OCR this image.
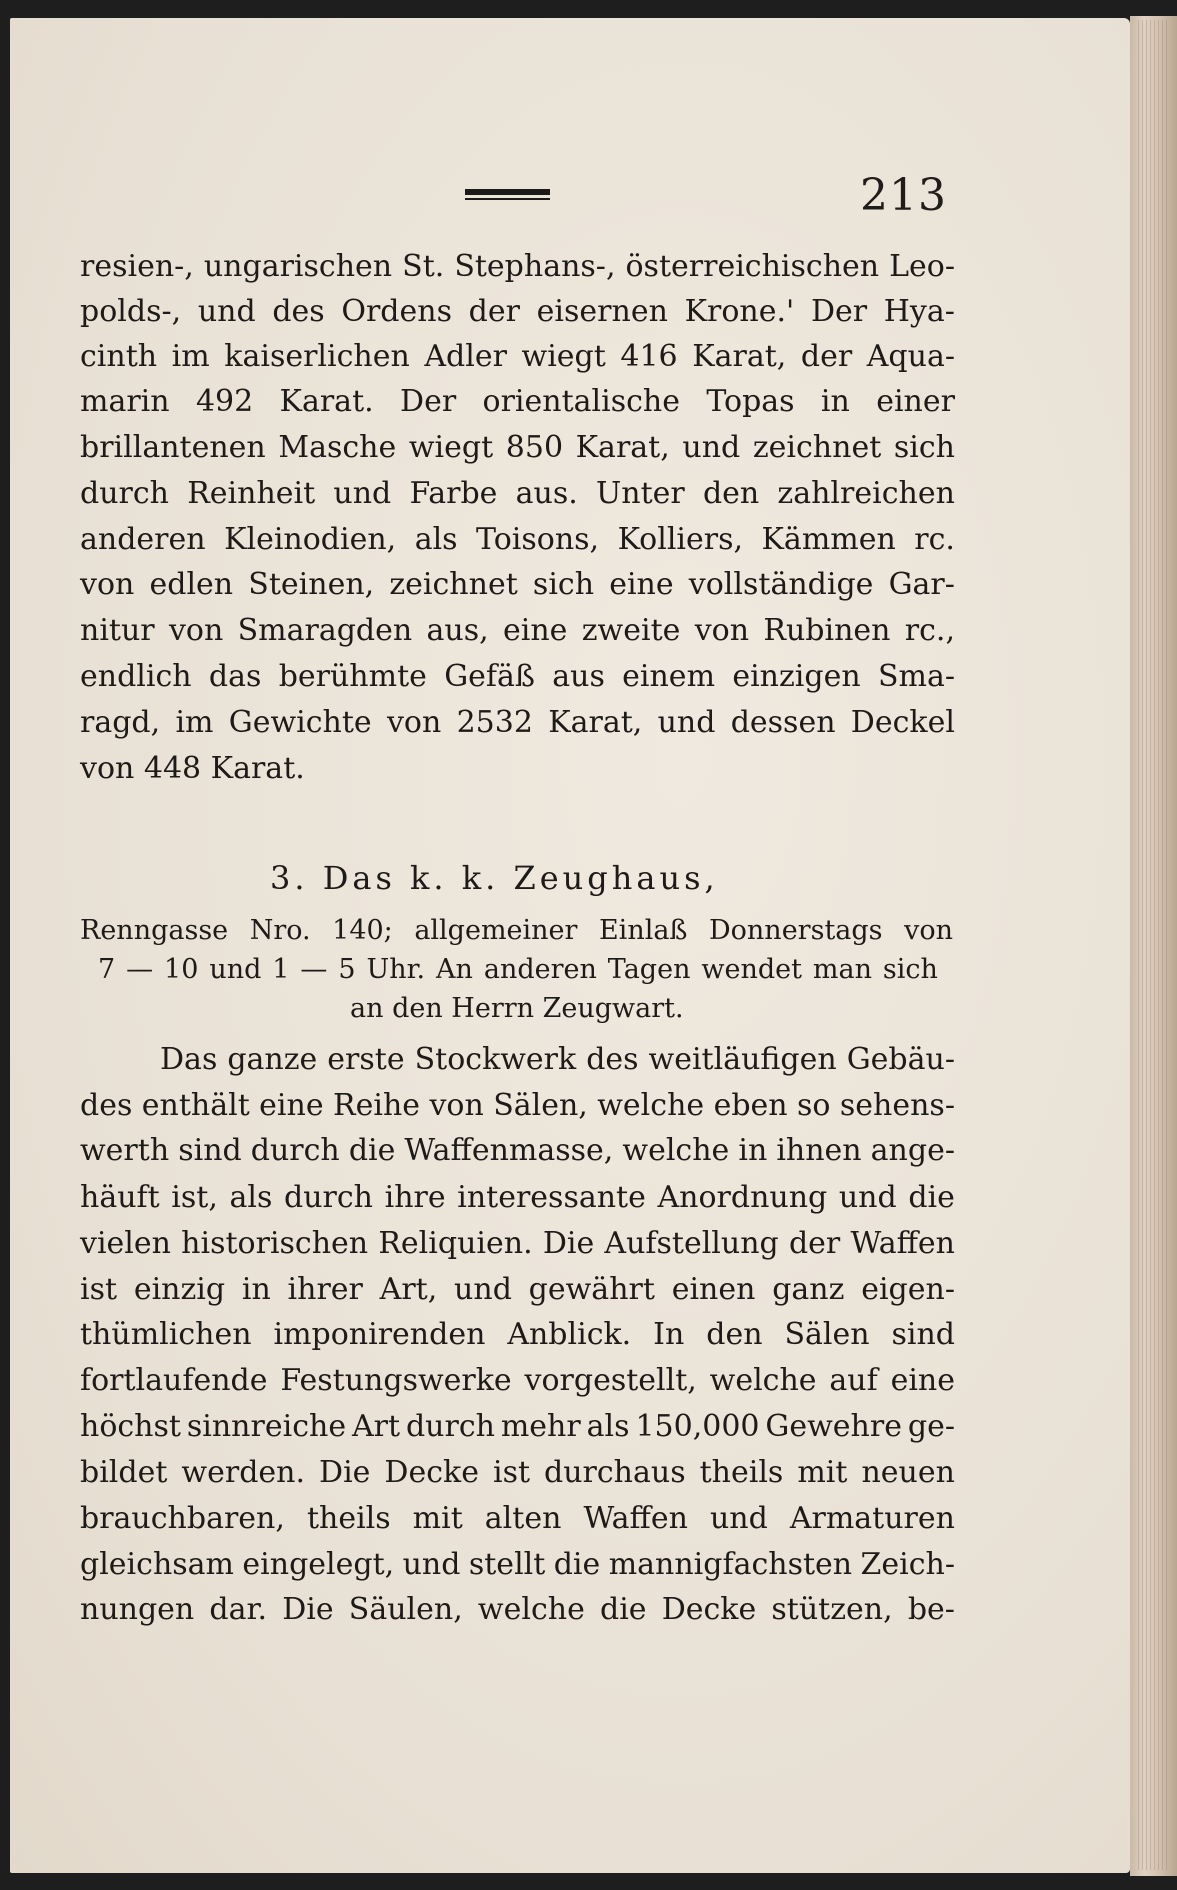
213
resien-, ungarischen St. Stephans-, österreichischen Leo-
polds-, und des Ordens der eisernen Krone.' Der Hya-
cinth im kaiserlichen Adler wiegt 416 Karat, der Aqua-
marin 492 Karat. Der orientalische Topas in einer
brillantenen Masche wiegt 850 Karat, und zeichnet sich
durch Reinheit und Farbe aus. Unter den zahlreichen
anderen Kleinodien, als Toisons, Kolliers, Kämmen rc.
von edlen Steinen, zeichnet sich eine vollständige Gar-
nitur von Smaragden aus, eine zweite von Rubinen rc.,
endlich das berühmte Gefäß aus einem einzigen Sma-
ragd, im Gewichte von 2532 Karat, und dessen Deckel
von 448 Karat.
3. Das k. k. Zeughaus,
Renngasse Nro. 140; allgemeiner Einlaß Donnerstags von
7 — 10 und 1 — 5 Uhr. An anderen Tagen wendet man sich
an den Herrn Zeugwart.
Das ganze erste Stockwerk des weitläufigen Gebäu-
des enthält eine Reihe von Sälen, welche eben so sehens-
werth sind durch die Waffenmasse, welche in ihnen ange-
häuft ist, als durch ihre interessante Anordnung und die
vielen historischen Reliquien. Die Aufstellung der Waffen
ist einzig in ihrer Art, und gewährt einen ganz eigen-
thümlichen imponirenden Anblick. In den Sälen sind
fortlaufende Festungswerke vorgestellt, welche auf eine
höchst sinnreiche Art durch mehr als 150,000 Gewehre ge-
bildet werden. Die Decke ist durchaus theils mit neuen
brauchbaren, theils mit alten Waffen und Armaturen
gleichsam eingelegt, und stellt die mannigfachsten Zeich-
nungen dar. Die Säulen, welche die Decke stützen, be-
